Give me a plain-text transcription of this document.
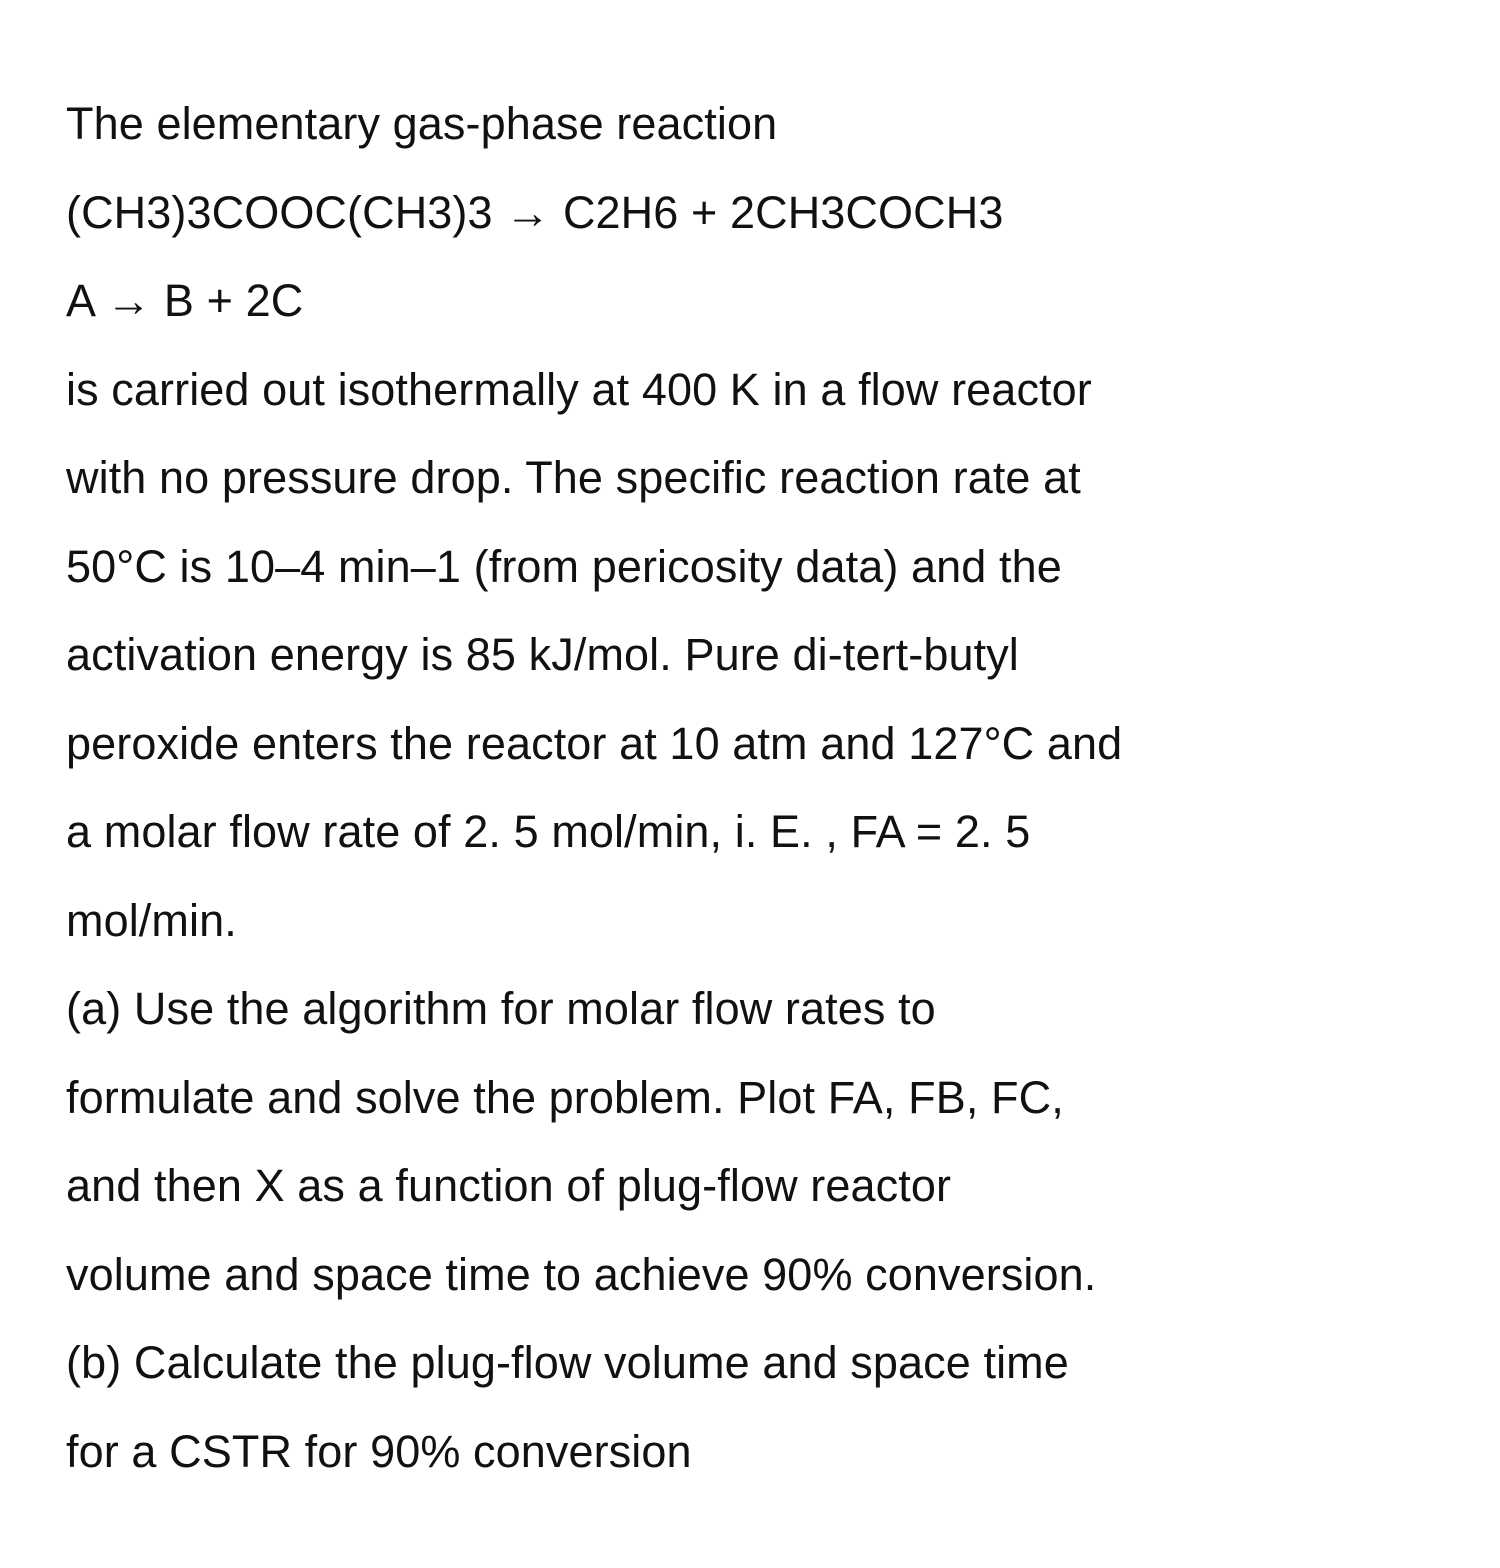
The elementary gas-phase reaction
(CH3)3COOC(CH3)3 → C2H6 + 2CH3COCH3
A → B + 2C
is carried out isothermally at 400 K in a flow reactor
with no pressure drop. The specific reaction rate at
50°C is 10–4 min–1 (from pericosity data) and the
activation energy is 85 kJ/mol. Pure di-tert-butyl
peroxide enters the reactor at 10 atm and 127°C and
a molar flow rate of 2. 5 mol/min, i. E. , FA = 2. 5
mol/min.
(a) Use the algorithm for molar flow rates to
formulate and solve the problem. Plot FA, FB, FC,
and then X as a function of plug-flow reactor
volume and space time to achieve 90% conversion.
(b) Calculate the plug-flow volume and space time
for a CSTR for 90% conversion
